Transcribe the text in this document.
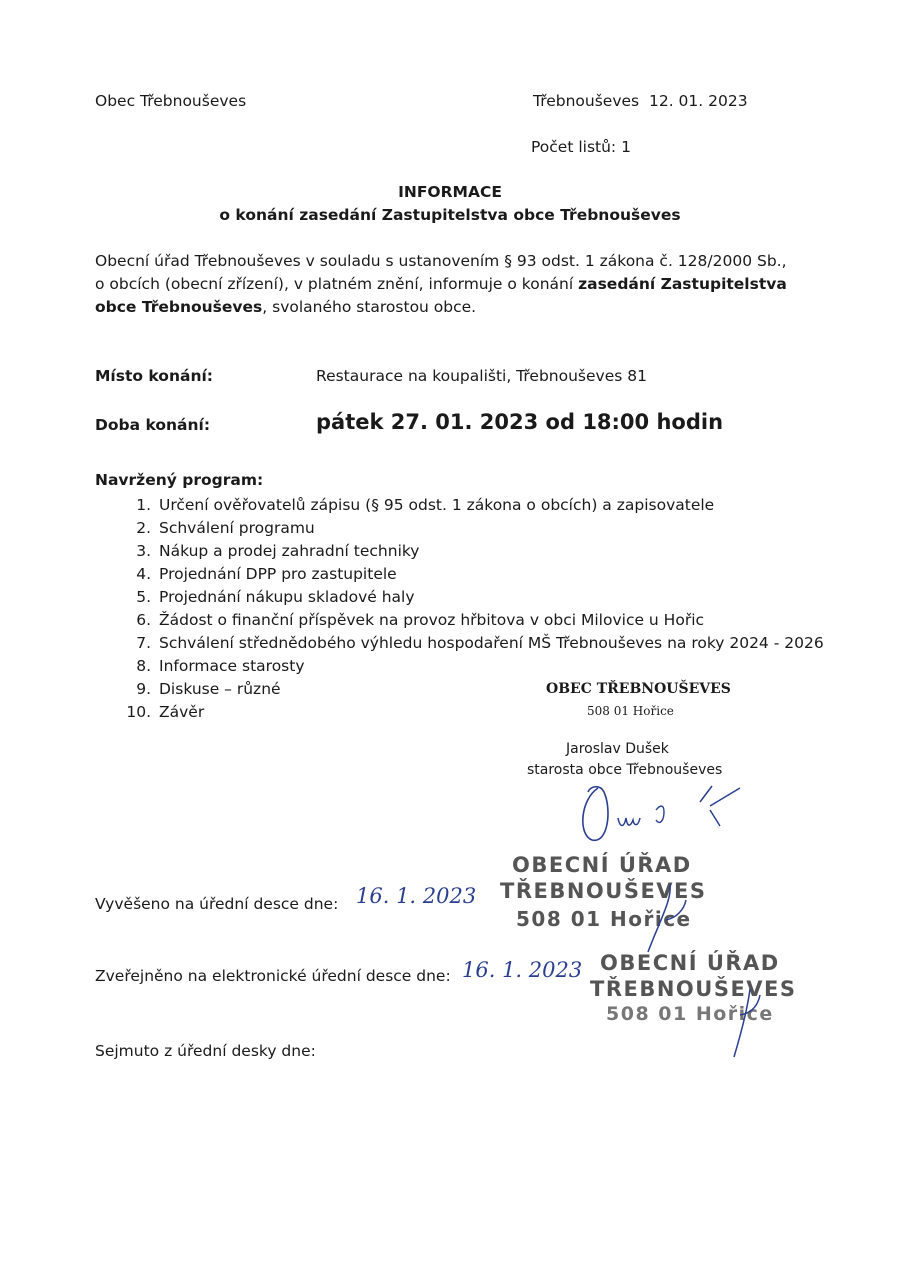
Obec Třebnouševes	Třebnouševes  12. 01. 2023
Počet listů: 1
INFORMACE
o konání zasedání Zastupitelstva obce Třebnouševes
Obecní úřad Třebnouševes v souladu s ustanovením § 93 odst. 1 zákona č. 128/2000 Sb., o obcích (obecní zřízení), v platném znění, informuje o konání zasedání Zastupitelstva obce Třebnouševes, svolaného starostou obce.
Místo konání:	Restaurace na koupališti, Třebnouševes 81
Doba konání:	pátek 27. 01. 2023 od 18:00 hodin
Navržený program:
1. Určení ověřovatelů zápisu (§ 95 odst. 1 zákona o obcích) a zapisovatele
2. Schválení programu
3. Nákup a prodej zahradní techniky
4. Projednání DPP pro zastupitele
5. Projednání nákupu skladové haly
6. Žádost o finanční příspěvek na provoz hřbitova v obci Milovice u Hořic
7. Schválení střednědobého výhledu hospodaření MŠ Třebnouševes na roky 2024 - 2026
8. Informace starosty
9. Diskuse – různé
10. Závěr
OBEC TŘEBNOUŠEVES
508 01 Hořice
Jaroslav Dušek
starosta obce Třebnouševes
OBECNÍ ÚŘAD
TŘEBNOUŠEVES
508 01 Hořice
OBECNÍ ÚŘAD
TŘEBNOUŠEVES
508 01 Hořice
Vyvěšeno na úřední desce dne: 16. 1. 2023
Zveřejněno na elektronické úřední desce dne: 16. 1. 2023
Sejmuto z úřední desky dne:
